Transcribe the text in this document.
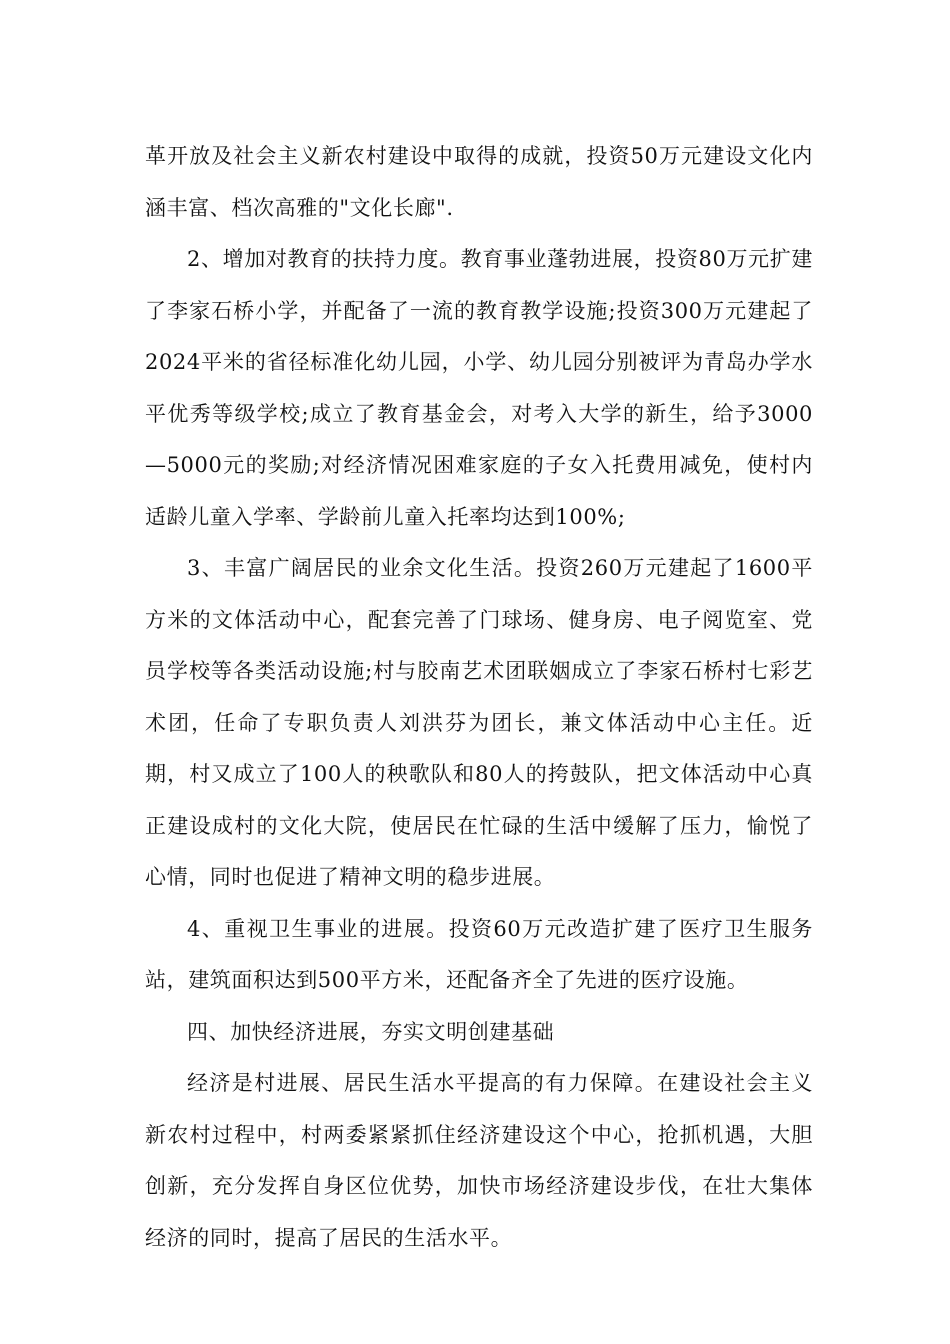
革开放及社会主义新农村建设中取得的成就，投资50万元建设文化内涵丰富、档次高雅的"文化长廊".

2、增加对教育的扶持力度。教育事业蓬勃进展，投资80万元扩建了李家石桥小学，并配备了一流的教育教学设施;投资300万元建起了2024平米的省径标准化幼儿园，小学、幼儿园分别被评为青岛办学水平优秀等级学校;成立了教育基金会，对考入大学的新生，给予3000—5000元的奖励;对经济情况困难家庭的子女入托费用减免，使村内适龄儿童入学率、学龄前儿童入托率均达到100%;

3、丰富广阔居民的业余文化生活。投资260万元建起了1600平方米的文体活动中心，配套完善了门球场、健身房、电子阅览室、党员学校等各类活动设施;村与胶南艺术团联姻成立了李家石桥村七彩艺术团，任命了专职负责人刘洪芬为团长，兼文体活动中心主任。近期，村又成立了100人的秧歌队和80人的挎鼓队，把文体活动中心真正建设成村的文化大院，使居民在忙碌的生活中缓解了压力，愉悦了心情，同时也促进了精神文明的稳步进展。

4、重视卫生事业的进展。投资60万元改造扩建了医疗卫生服务站，建筑面积达到500平方米，还配备齐全了先进的医疗设施。

四、加快经济进展，夯实文明创建基础

经济是村进展、居民生活水平提高的有力保障。在建设社会主义新农村过程中，村两委紧紧抓住经济建设这个中心，抢抓机遇，大胆创新，充分发挥自身区位优势，加快市场经济建设步伐，在壮大集体经济的同时，提高了居民的生活水平。
